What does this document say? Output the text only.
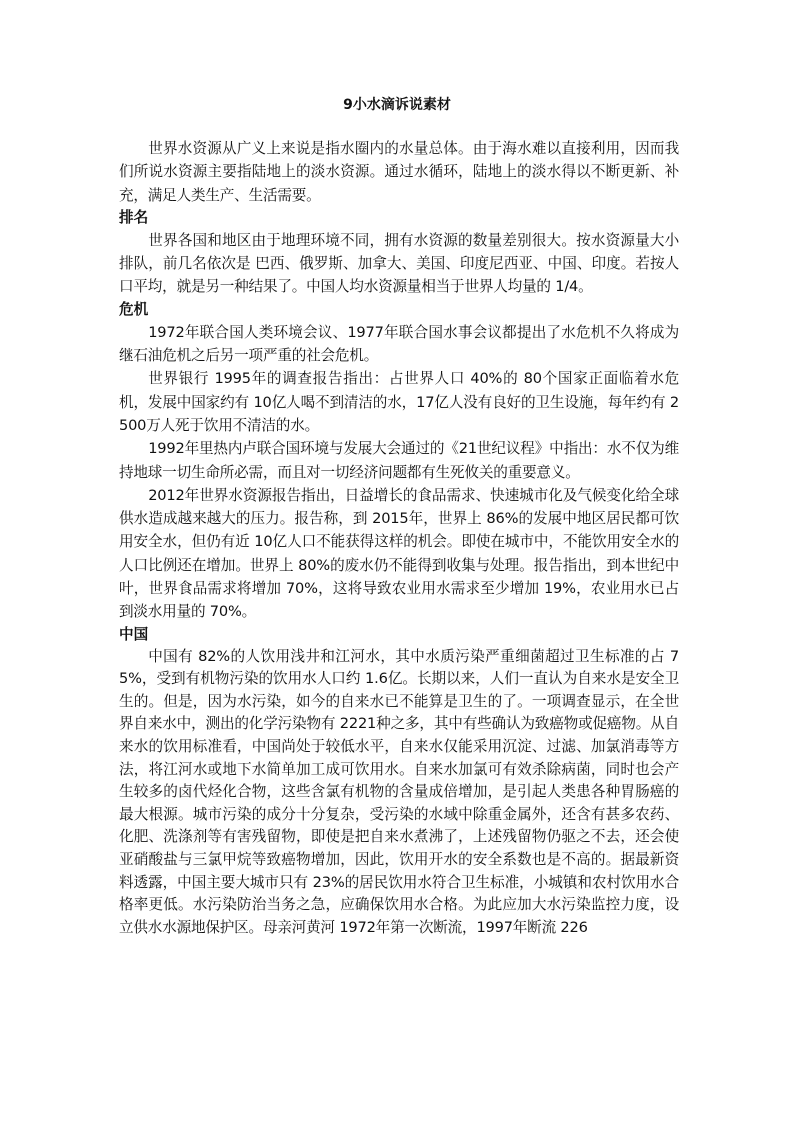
9小水滴诉说素材

世界水资源从广义上来说是指水圈内的水量总体。由于海水难以直接利用，因而我们所说水资源主要指陆地上的淡水资源。通过水循环，陆地上的淡水得以不断更新、补充，满足人类生产、生活需要。

排名

世界各国和地区由于地理环境不同，拥有水资源的数量差别很大。按水资源量大小排队，前几名依次是 巴西、俄罗斯、加拿大、美国、印度尼西亚、中国、印度。若按人口平均，就是另一种结果了。中国人均水资源量相当于世界人均量的 1/4。

危机

1972年联合国人类环境会议、1977年联合国水事会议都提出了水危机不久将成为继石油危机之后另一项严重的社会危机。

世界银行 1995年的调查报告指出：占世界人口 40%的 80个国家正面临着水危机，发展中国家约有 10亿人喝不到清洁的水，17亿人没有良好的卫生设施，每年约有 2500万人死于饮用不清洁的水。

1992年里热内卢联合国环境与发展大会通过的《21世纪议程》中指出：水不仅为维持地球一切生命所必需，而且对一切经济问题都有生死攸关的重要意义。

2012年世界水资源报告指出，日益增长的食品需求、快速城市化及气候变化给全球供水造成越来越大的压力。报告称，到 2015年，世界上 86%的发展中地区居民都可饮用安全水，但仍有近 10亿人口不能获得这样的机会。即使在城市中，不能饮用安全水的人口比例还在增加。世界上 80%的废水仍不能得到收集与处理。报告指出，到本世纪中叶，世界食品需求将增加 70%，这将导致农业用水需求至少增加 19%，农业用水已占到淡水用量的 70%。

中国

中国有 82%的人饮用浅井和江河水，其中水质污染严重细菌超过卫生标准的占 75%，受到有机物污染的饮用水人口约 1.6亿。长期以来，人们一直认为自来水是安全卫生的。但是，因为水污染，如今的自来水已不能算是卫生的了。一项调查显示，在全世界自来水中，测出的化学污染物有 2221种之多，其中有些确认为致癌物或促癌物。从自来水的饮用标准看，中国尚处于较低水平，自来水仅能采用沉淀、过滤、加氯消毒等方法，将江河水或地下水简单加工成可饮用水。自来水加氯可有效杀除病菌，同时也会产生较多的卤代烃化合物，这些含氯有机物的含量成倍增加，是引起人类患各种胃肠癌的最大根源。城市污染的成分十分复杂，受污染的水域中除重金属外，还含有甚多农药、化肥、洗涤剂等有害残留物，即使是把自来水煮沸了，上述残留物仍驱之不去，还会使亚硝酸盐与三氯甲烷等致癌物增加，因此，饮用开水的安全系数也是不高的。据最新资料透露，中国主要大城市只有 23%的居民饮用水符合卫生标准，小城镇和农村饮用水合格率更低。水污染防治当务之急，应确保饮用水合格。为此应加大水污染监控力度，设立供水水源地保护区。母亲河黄河 1972年第一次断流，1997年断流 226
